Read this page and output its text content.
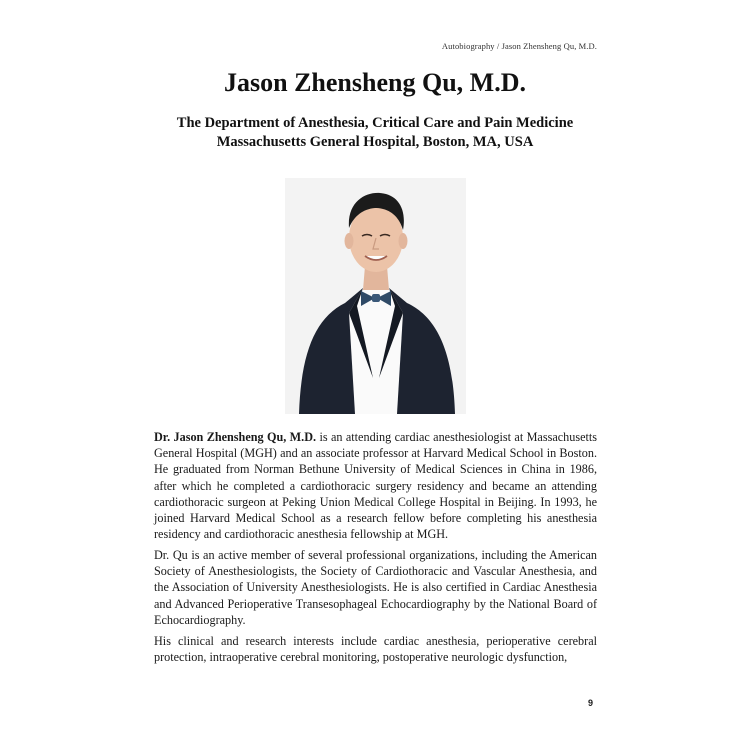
Autobiography / Jason Zhensheng Qu, M.D.
Jason Zhensheng Qu, M.D.
The Department of Anesthesia, Critical Care and Pain Medicine
Massachusetts General Hospital, Boston, MA, USA

Dr. Jason Zhensheng Qu, M.D. is an attending cardiac anesthesiologist at Massachusetts General Hospital (MGH) and an associate professor at Harvard Medical School in Boston. He graduated from Norman Bethune University of Medical Sciences in China in 1986, after which he completed a cardiothoracic surgery residency and became an attending cardiothoracic surgeon at Peking Union Medical College Hospital in Beijing. In 1993, he joined Harvard Medical School as a research fellow before completing his anesthesia residency and cardiothoracic anesthesia fellowship at MGH.

Dr. Qu is an active member of several professional organizations, including the American Society of Anesthesiologists, the Society of Cardiothoracic and Vascular Anesthesia, and the Association of University Anesthesiologists. He is also certified in Cardiac Anesthesia and Advanced Perioperative Transesophageal Echocardiography by the National Board of Echocardiography.

His clinical and research interests include cardiac anesthesia, perioperative cerebral protection, intraoperative cerebral monitoring, postoperative neurologic dysfunction,

9
